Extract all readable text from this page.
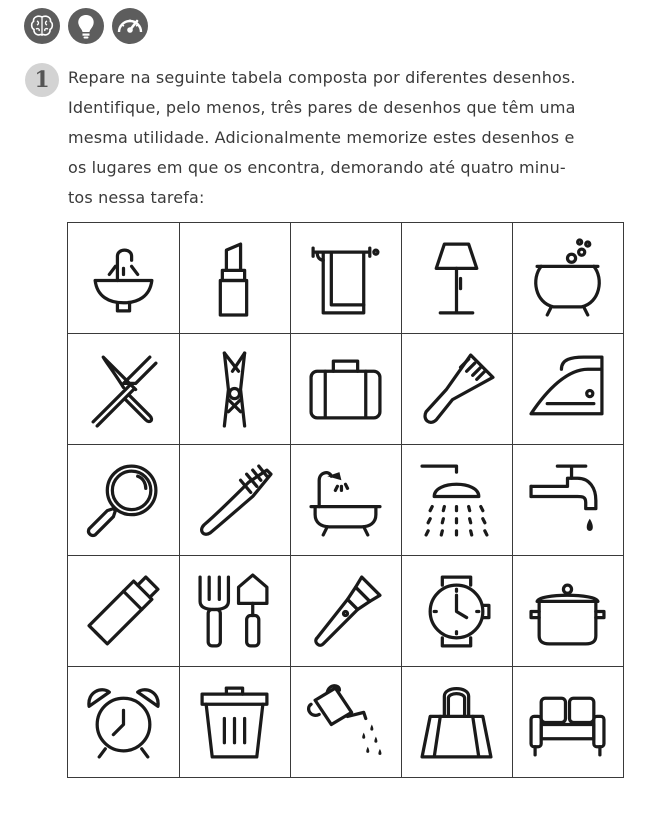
1	Repare na seguinte tabela composta por diferentes desenhos.
Identifique, pelo menos, três pares de desenhos que têm uma
mesma utilidade. Adicionalmente memorize estes desenhos e
os lugares em que os encontra, demorando até quatro minu-
tos nessa tarefa:
